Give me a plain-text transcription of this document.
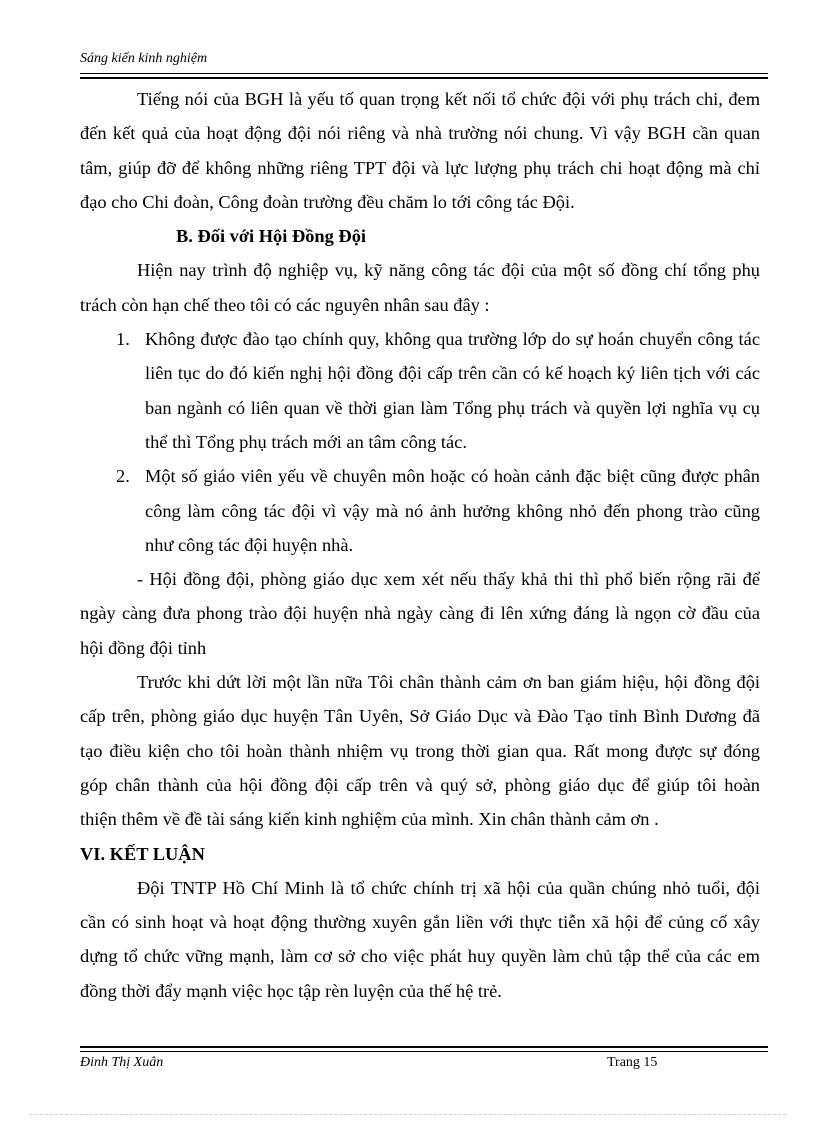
Sáng kiến kinh nghiệm
Tiếng nói của BGH là yếu tố quan trọng kết nối tổ chức đội với phụ trách chi, đem
đến kết quả của hoạt động đội nói riêng và nhà trường nói chung. Vì vậy BGH cần quan
tâm, giúp đỡ để không những riêng TPT đội và lực lượng phụ trách chi hoạt động mà chỉ
đạo cho Chi đoàn, Công đoàn trường đều chăm lo tới công tác Đội.
B. Đối với Hội Đồng Đội
Hiện nay trình độ nghiệp vụ, kỹ năng công tác đội của một số đồng chí tổng phụ
trách còn hạn chế theo tôi có các nguyên nhân sau đây :
1. Không được đào tạo chính quy, không qua trường lớp do sự hoán chuyển công tác
liên tục do đó kiến nghị hội đồng đội cấp trên cần có kế hoạch ký liên tịch với các
ban ngành có liên quan về thời gian làm Tổng phụ trách và quyền lợi nghĩa vụ cụ
thể thì Tổng phụ trách mới an tâm công tác.
2. Một số giáo viên yếu về chuyên môn hoặc có hoàn cảnh đặc biệt cũng được phân
công làm công tác đội vì vậy mà nó ảnh hưởng không nhỏ đến phong trào cũng
như công tác đội huyện nhà.
- Hội đồng đội, phòng giáo dục xem xét nếu thấy khả thi thì phổ biến rộng rãi để
ngày càng đưa phong trào đội huyện nhà ngày càng đi lên xứng đáng là ngọn cờ đầu của
hội đồng đội tỉnh
Trước khi dứt lời một lần nữa Tôi chân thành cảm ơn ban giám hiệu, hội đồng đội
cấp trên, phòng giáo dục huyện Tân Uyên, Sở Giáo Dục và Đào Tạo tỉnh Bình Dương đã
tạo điều kiện cho tôi hoàn thành nhiệm vụ trong thời gian qua. Rất mong được sự đóng
góp chân thành của hội đồng đội cấp trên và quý sở, phòng giáo dục để giúp tôi hoàn
thiện thêm về đề tài sáng kiến kinh nghiệm của mình. Xin chân thành cảm ơn .
VI. KẾT LUẬN
Đội TNTP Hồ Chí Minh là tổ chức chính trị xã hội của quần chúng nhỏ tuổi, đội
cần có sinh hoạt và hoạt động thường xuyên gắn liền với thực tiễn xã hội để củng cố xây
dựng tổ chức vững mạnh, làm cơ sở cho việc phát huy quyền làm chủ tập thể của các em
đồng thời đẩy mạnh việc học tập rèn luyện của thế hệ trẻ.
Đinh Thị Xuân	Trang 15
